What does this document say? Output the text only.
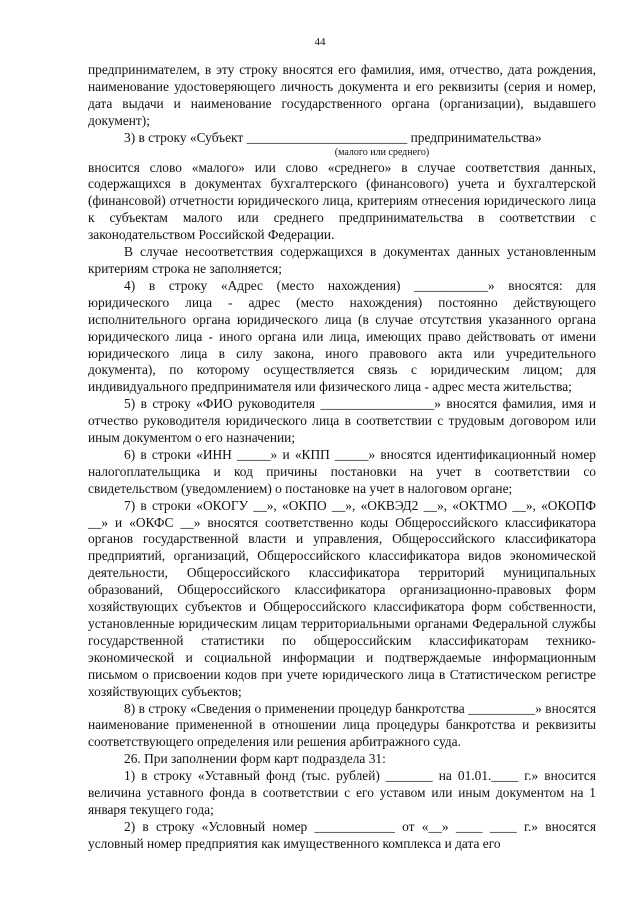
44

предпринимателем, в эту строку вносятся его фамилия, имя, отчество, дата рождения, наименование удостоверяющего личность документа и его реквизиты (серия и номер, дата выдачи и наименование государственного органа (организации), выдавшего документ);

3) в строку «Субъект ________________________ предпринимательства»

(малого или среднего)

вносится слово «малого» или слово «среднего» в случае соответствия данных, содержащихся в документах бухгалтерского (финансового) учета и бухгалтерской (финансовой) отчетности юридического лица, критериям отнесения юридического лица к субъектам малого или среднего предпринимательства в соответствии с законодательством Российской Федерации.

В случае несоответствия содержащихся в документах данных установленным критериям строка не заполняется;

4) в строку «Адрес (место нахождения) ___________» вносятся: для юридического лица - адрес (место нахождения) постоянно действующего исполнительного органа юридического лица (в случае отсутствия указанного органа юридического лица - иного органа или лица, имеющих право действовать от имени юридического лица в силу закона, иного правового акта или учредительного документа), по которому осуществляется связь с юридическим лицом; для индивидуального предпринимателя или физического лица - адрес места жительства;

5) в строку «ФИО руководителя _________________» вносятся фамилия, имя и отчество руководителя юридического лица в соответствии с трудовым договором или иным документом о его назначении;

6) в строки «ИНН _____» и «КПП _____» вносятся идентификационный номер налогоплательщика и код причины постановки на учет в соответствии со свидетельством (уведомлением) о постановке на учет в налоговом органе;

7) в строки «ОКОГУ __», «ОКПО __», «ОКВЭД2 __», «ОКТМО __», «ОКОПФ __» и «ОКФС __» вносятся соответственно коды Общероссийского классификатора органов государственной власти и управления, Общероссийского классификатора предприятий, организаций, Общероссийского классификатора видов экономической деятельности, Общероссийского классификатора территорий муниципальных образований, Общероссийского классификатора организационно-правовых форм хозяйствующих субъектов и Общероссийского классификатора форм собственности, установленные юридическим лицам территориальными органами Федеральной службы государственной статистики по общероссийским классификаторам технико-экономической и социальной информации и подтверждаемые информационным письмом о присвоении кодов при учете юридического лица в Статистическом регистре хозяйствующих субъектов;

8) в строку «Сведения о применении процедур банкротства __________» вносятся наименование примененной в отношении лица процедуры банкротства и реквизиты соответствующего определения или решения арбитражного суда.

26. При заполнении форм карт подраздела 31:

1) в строку «Уставный фонд (тыс. рублей) _______ на 01.01.____ г.» вносится величина уставного фонда в соответствии с его уставом или иным документом на 1 января текущего года;

2) в строку «Условный номер ____________ от «__» ____ ____ г.» вносятся условный номер предприятия как имущественного комплекса и дата его
